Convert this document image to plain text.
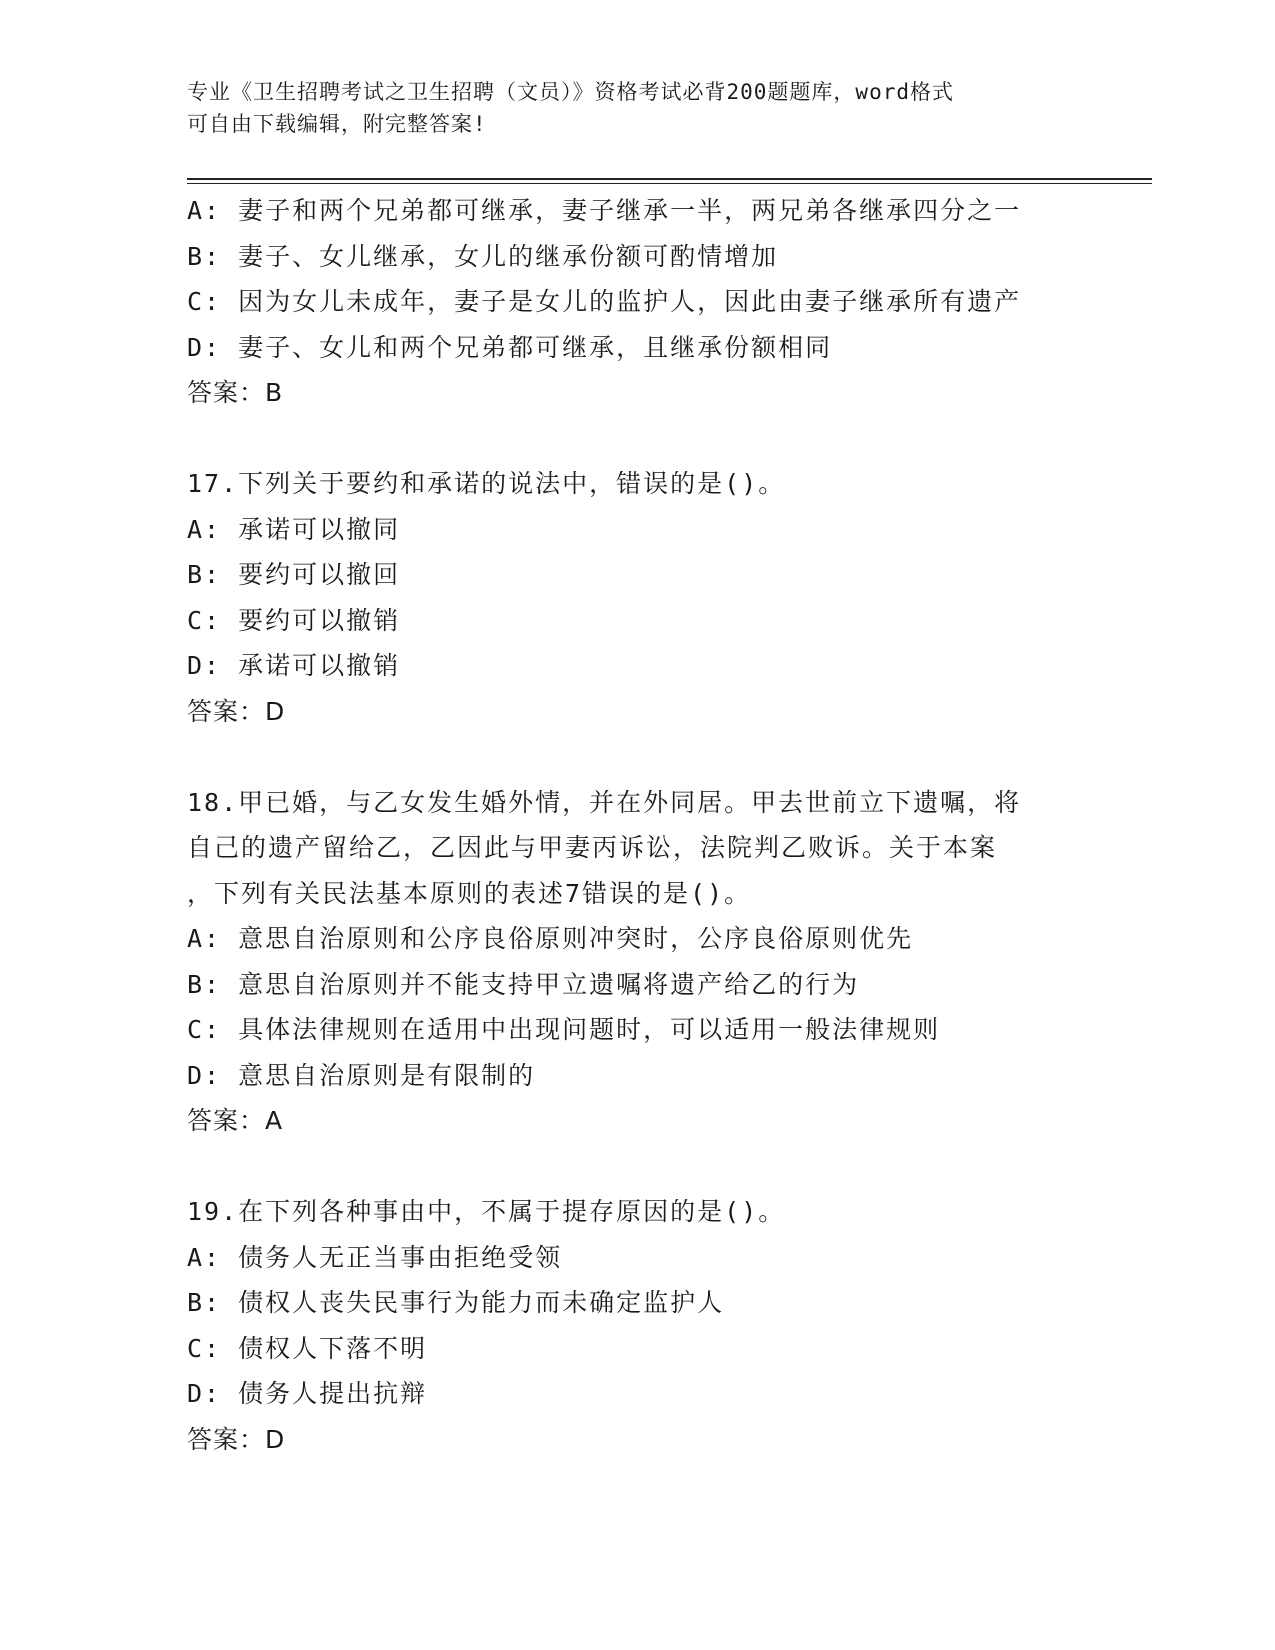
专业《卫生招聘考试之卫生招聘（文员）》资格考试必背200题题库，word格式
可自由下载编辑，附完整答案!
A: 妻子和两个兄弟都可继承，妻子继承一半，两兄弟各继承四分之一
B: 妻子、女儿继承，女儿的继承份额可酌情增加
C: 因为女儿未成年，妻子是女儿的监护人，因此由妻子继承所有遗产
D: 妻子、女儿和两个兄弟都可继承，且继承份额相同
答案：B
17.下列关于要约和承诺的说法中，错误的是()。
A: 承诺可以撤同
B: 要约可以撤回
C: 要约可以撤销
D: 承诺可以撤销
答案：D
18.甲已婚，与乙女发生婚外情，并在外同居。甲去世前立下遗嘱，将
自己的遗产留给乙，乙因此与甲妻丙诉讼，法院判乙败诉。关于本案
，下列有关民法基本原则的表述7错误的是()。
A: 意思自治原则和公序良俗原则冲突时，公序良俗原则优先
B: 意思自治原则并不能支持甲立遗嘱将遗产给乙的行为
C: 具体法律规则在适用中出现问题时，可以适用一般法律规则
D: 意思自治原则是有限制的
答案：A
19.在下列各种事由中，不属于提存原因的是()。
A: 债务人无正当事由拒绝受领
B: 债权人丧失民事行为能力而未确定监护人
C: 债权人下落不明
D: 债务人提出抗辩
答案：D
